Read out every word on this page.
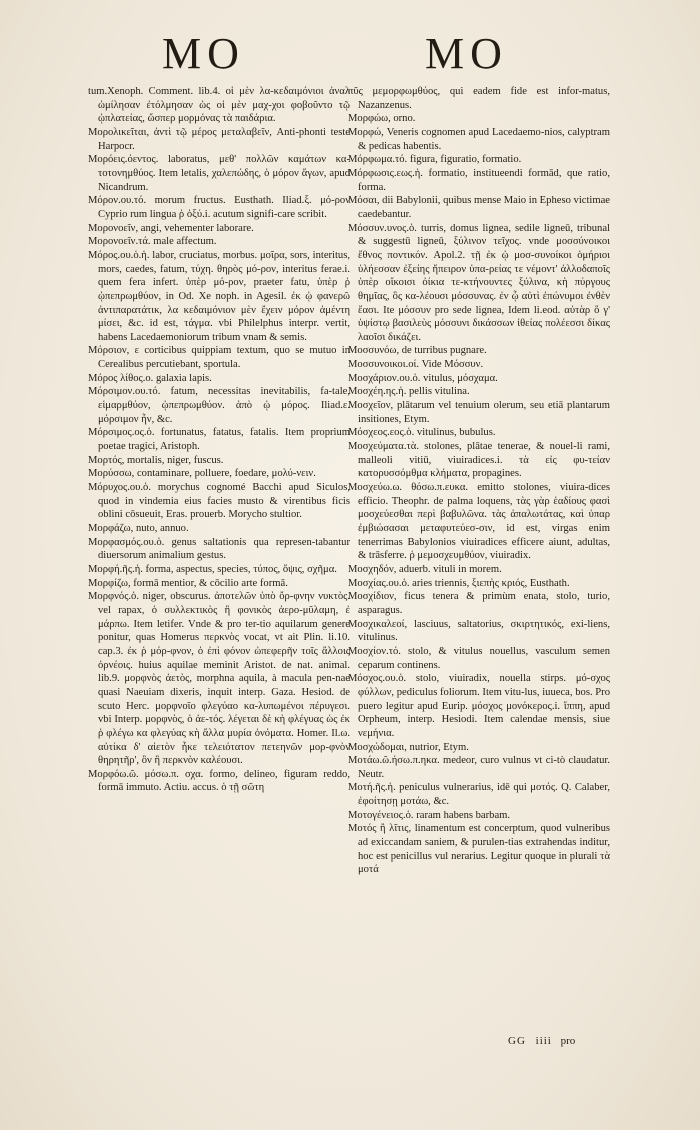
MO	MO

tum.Xenoph. Comment. lib.4. οἱ μὲν λα-κεδαιμόνιοι ἀναλ ὡμίλησαν ἐτόλμησαν ὡς οἱ μὲν μαχ-χοι φοβοῦντο τῷ ᾠπλατείας, ὥσπερ μορμόνας τὰ παιδάρια.

Μορολικεῖται, ἀντὶ τῷ μέρος μεταλαβεῖν, Anti-phonti teste Harpocr.

Μορόεις.όεντος. laboratus, μεθ' πολλῶν καμάτων κα-τοτονημθύος. Item letalis, χαλεπώδης, ὁ μόρον ἄγων, apud Nicandrum.

Μόρον.ου.τό. morum fructus. Eusthath. Iliad.ξ. μό-ρον Cyprio rum lingua ῥ ὀξύ.i. acutum signifi-care scribit.

Μορονοεῖν, angi, vehementer laborare.

Μορονοεῖν.τά. male affectum.

Μόρος.ου.ὁ.ἡ. labor, cruciatus, morbus. μοῖρα, sors, interitus, mors, caedes, fatum, τύχη. θηρὸς μό-ρον, interitus ferae.i. quem fera infert. ὑπὲρ μό-ρον, praeter fatu, ὑπὲρ ῥ ᾠπεπρωμθύον, in Od. Xe noph. in Agesil. ἐκ ᾠ φανερῶ ἀντιπαρατάτικ, λα κεδαιμόνιον μὲν ἔχειν μόρον ἀμέντη μίσει, &c. id est, τάγμα. vbi Philelphus interpr. vertit, habens Lacedaemoniorum tribum vnam & semis.

Μόρσιον, ε corticibus quippiam textum, quo se mutuo in Cerealibus percutiebant, sportula.

Μόρος λίθος.ο. galaxia lapis.

Μόρσιμον.ου.τό. fatum, necessitas inevitabilis, fa-tale, εἱμαρμθύον, ᾠπεπρωμθύον. ἀπὸ ᾠ μόρος. Iliad.ε. μόρσιμον ἦν, &c.

Μόρσιμος.ος.ὁ. fortunatus, fatatus, fatalis. Item proprium poetae tragici, Aristoph.

Μορτός, mortalis, niger, fuscus.

Μορύσσω, contaminare, polluere, foedare, μολύ-νειν.

Μόρυχος.ου.ὁ. morychus cognomé Bacchi apud Siculos, quod in vindemia eius facies musto & virentibus ficis oblini cōsueuit, Eras. prouerb. Morycho stultior.

Μορφάζω, nuto, annuo.

Μορφασμός.ου.ὁ. genus saltationis qua represen-tabantur diuersorum animalium gestus.

Μορφή.ῆς.ἡ. forma, aspectus, species, τύπος, ὄψις, σχῆμα.

Μορφίζω, formā mentior, & cōcilio arte formā.

Μορφνός.ὁ. niger, obscurus. ἀποτελῶν ὑπὸ ὄρ-φνην νυκτὸς. vel rapax, ὁ συλλεκτικὸς ἢ φονικὸς ἀερο-μῦλαμη, ἐ μάρπω. Item letifer. Vnde & pro ter-tio aquilarum genere ponitur, quas Homerus περκνὸς vocat, vt ait Plin. li.10. cap.3. ἐκ ῥ μόρ-φνον, ὁ ἐπὶ φόνον ὠπεφερῆν τοῖς ἄλλοις ὀρνέοις. huius aquilae meminit Aristot. de nat. animal. lib.9. μορφνὸς ἀετὸς, morphna aquila, à macula pen-nae quasi Naeuiam dixeris, inquit interp. Gaza. Hesiod. de scuto Herc. μορφνοῖο φλεγύαο κα-λυπωμένοι πέρυγεσι. vbi Interp. μορφνὸς, ὁ ἀε-τός. λέγεται δὲ κὴ φλέγυας ὡς ἐκ ῥ φλέγω κα φλεγύας κὴ ἄλλα μυρία ὀνόματα. Homer. Il.ω. αὐτίκα δ' αἰετὸν ἦκε τελειότατον πετεηνῶν μορ-φνὸν θηρητῆρ', ὃν ἢ περκνὸν καλέουσι.

Μορφόω.ῶ. μόσω.π. σχα. formo, delineo, figuram reddo, formā immuto. Actiu. accus. ὁ τῇ σῶτη

πῦς μεμορφωμθύος, qui eadem fide est infor-matus, Nazanzenus.

Μορφώω, orno.

Μορφώ, Veneris cognomen apud Lacedaemo-nios, calyptram & pedicas habentis.

Μόρφωμα.τό. figura, figuratio, formatio.

Μόρφωσις.εως.ἡ. formatio, institueendi formād, que ratio, forma.

Μόσαι, dii Babylonii, quibus mense Maio in Epheso victimae caedebantur.

Μόσσυν.υνος.ὁ. turris, domus lignea, sedile ligneū, tribunal & suggestū ligneū, ξύλινον τεῖχος. vnde μοσσύνοικοι ἔθνος ποντικόν. Apol.2. τῇ ἐκ ᾠ μοσ-συνοίκοι ὁμήριοι ὑλήεσσαν ἐξείης ἤπειρον ὑπα-ρείας τε νέμοντ' ἀλλοδαποῖς ὑπὲρ οἴκοισι ὀίκια τε-κτήνουντες ξύλινα, κὴ πύργους θημῖας, ὃς κα-λέουσι μόσσυνας. ἐν ᾧ αὐτὶ ἐπώνυμοι ἐνθὲν ἔασι. Ite μόσσυν pro sede lignea, Idem li.eod. αὐτὰρ ὅ γ' ὑψίστῳ βασιλεὺς μόσσυνι δικάσσων ἰθείας πολέεσσι δίκας λαοῖσι δικάζει.

Μοσσυνόω, de turribus pugnare.

Μοσσυνοικοι.οί. Vide Μόσσυν.

Μοσχάριον.ου.ὁ. vitulus, μόσχαμα.

Μοσχέη.ης.ἡ. pellis vitulina.

Μοσχεῖον, plātarum vel tenuium olerum, seu etiā plantarum insitiones, Etym.

Μόσχεος.εος.ὁ. vitulinus, bubulus.

Μοσχεύματα.τὰ. stolones, plātae tenerae, & nouel-li rami, malleoli vitiū, viuiradices.i. τὰ εἰς φυ-τείαν κατορυσσόμθμα κλήματα, propagines.

Μοσχεύω.ω. θόσω.π.ευκα. emitto stolones, viuira-dices efficio. Theophr. de palma loquens, τὰς γὰρ ἑαδίους φασὶ μοσχεύεσθαι περὶ βαβυλῶνα. τὰς ἀπαλωτάτας, καὶ ὑπαρ ἐμβιώσασαι μεταφυτεύεσ-σιν, id est, virgas enim tenerrimas Babylonios viuiradices efficere aiunt, adultas, & trāsferre. ῥ μεμοσχευμθύον, viuiradix.

Μοσχηδόν, aduerb. vituli in morem.

Μοσχίας.ου.ὁ. aries triennis, ξιεπὴς κριός, Eusthath.

Μοσχίδιον, ficus tenera & primùm enata, stolo, turio, asparagus.

Μοσχικαλεοί, lasciuus, saltatorius, σκιρτητικός, exi-liens, vitulinus.

Μοσχίον.τό. stolo, & vitulus nouellus, vasculum semen ceparum continens.

Μόσχος.ου.ὁ. stolo, viuiradix, nouella stirps. μό-σχος φύλλων, pediculus foliorum. Item vitu-lus, iuueca, bos. Pro puero legitur apud Eurip. μόσχος μονόκερος.i. ἵππη, apud Orpheum, interp. Hesiodi. Item calendae mensis, siue νεμήνια.

Μοσχώδομαι, nutrior, Etym.

Μοτάω.ῶ.ήσω.π.ηκα. medeor, curo vulnus vt ci-tò claudatur. Neutr.

Μοτή.ῆς.ἡ. peniculus vulnerarius, idē qui μοτός. Q. Calaber, ἐφοίτησῃ μοτάω, &c.

Μοτογένειος.ὁ. raram habens barbam.

Μοτός ἢ λῖτις, linamentum est concerptum, quod vulneribus ad exiccandam saniem, & purulen-tias extrahendas inditur, hoc est penicillus vul nerarius. Legitur quoque in plurali τὰ μοτά

GG iiii pro
